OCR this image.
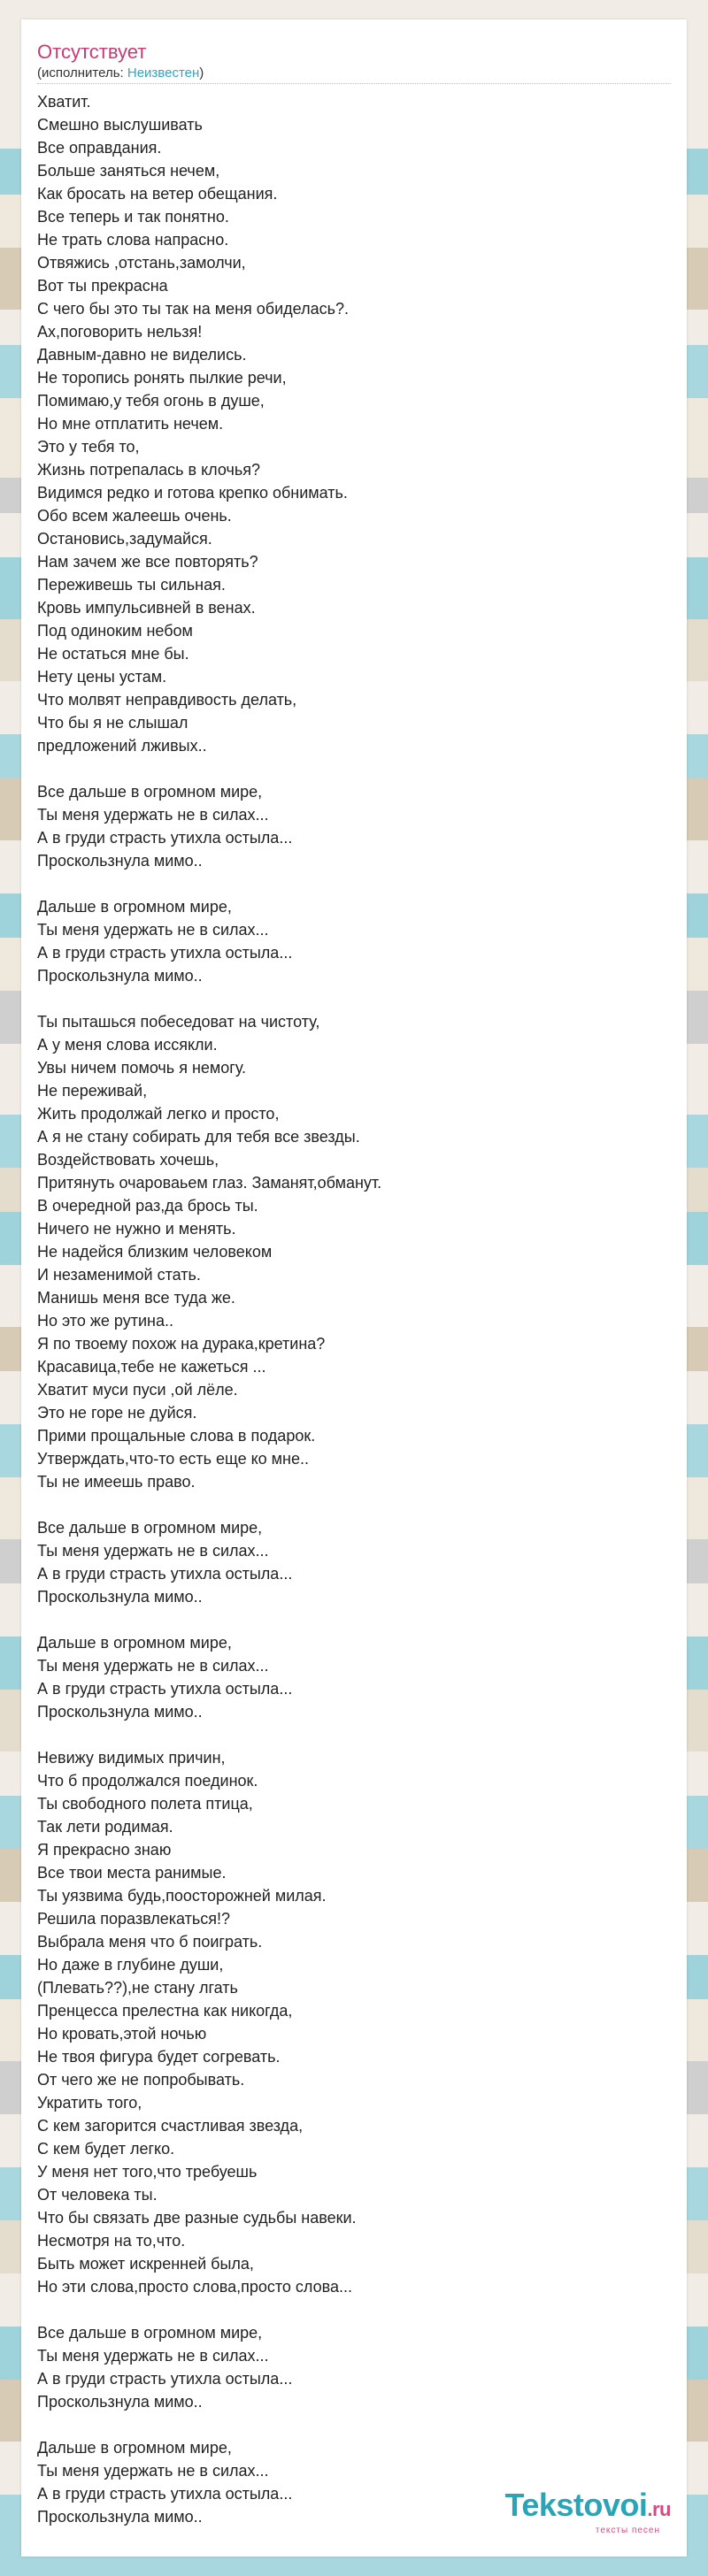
Отсутствует
(исполнитель: Неизвестен)
Хватит.
Смешно выслушивать
Все оправдания.
Больше заняться нечем,
Как бросать на ветер обещания.
Все теперь и так понятно.
Не трать слова напрасно.
Отвяжись ,отстань,замолчи,
Вот ты прекрасна
С чего бы это ты так на меня обиделась?.
Ах,поговорить нельзя!
Давным-давно не виделись.
Не торопись ронять пылкие речи,
Помимаю,у тебя огонь в душе,
Но мне отплатить нечем.
Это у тебя то,
Жизнь потрепалась в клочья?
Видимся редко и готова крепко обнимать.
Обо всем жалеешь очень.
Остановись,задумайся.
Нам зачем же все повторять?
Переживешь ты сильная.
Кровь импульсивней в венах.
Под одиноким небом
Не остаться мне бы.
Нету цены устам.
Что молвят неправдивость делать,
Что бы я не слышал
предложений лживых..
Все дальше в огромном мире,
Ты меня удержать не в силах...
А в груди страсть утихла остыла...
Проскользнула мимо..
Дальше в огромном мире,
Ты меня удержать не в силах...
А в груди страсть утихла остыла...
Проскользнула мимо..
Ты пыташься побеседоват на чистоту,
А у меня слова иссякли.
Увы ничем помочь я немогу.
Не переживай,
Жить продолжай легко и просто,
А я не стану собирать для тебя все звезды.
Воздействовать хочешь,
Притянуть очароваьем глаз. Заманят,обманут.
В очередной раз,да брось ты.
Ничего не нужно и менять.
Не надейся близким человеком
И незаменимой стать.
Манишь меня все туда же.
Но это же рутина..
Я по твоему похож на дурака,кретина?
Красавица,тебе не кажеться ...
Хватит муси пуси ,ой лёле.
Это не горе не дуйся.
Прими прощальные слова в подарок.
Утверждать,что-то есть еще ко мне..
Ты не имеешь право.
Все дальше в огромном мире,
Ты меня удержать не в силах...
А в груди страсть утихла остыла...
Проскользнула мимо..
Дальше в огромном мире,
Ты меня удержать не в силах...
А в груди страсть утихла остыла...
Проскользнула мимо..
Невижу видимых причин,
Что б продолжался поединок.
Ты свободного полета птица,
Так лети родимая.
Я прекрасно знаю
Все твои места ранимые.
Ты уязвима будь,поосторожней милая.
Решила поразвлекаться!?
Выбрала меня что б поиграть.
Но даже в глубине души,
(Плевать??),не стану лгать
Пренцесса прелестна как никогда,
Но кровать,этой ночью
Не твоя фигура будет согревать.
От чего же не попробывать.
Укратить того,
С кем загорится счастливая звезда,
С кем будет легко.
У меня нет того,что требуешь
От человека ты.
Что бы связать две разные судьбы навеки.
Несмотря на то,что.
Быть может искренней была,
Но эти слова,просто слова,просто слова...
Все дальше в огромном мире,
Ты меня удержать не в силах...
А в груди страсть утихла остыла...
Проскользнула мимо..
Дальше в огромном мире,
Ты меня удержать не в силах...
А в груди страсть утихла остыла...
Проскользнула мимо..	Tekstovoi.ru
тексты песен
